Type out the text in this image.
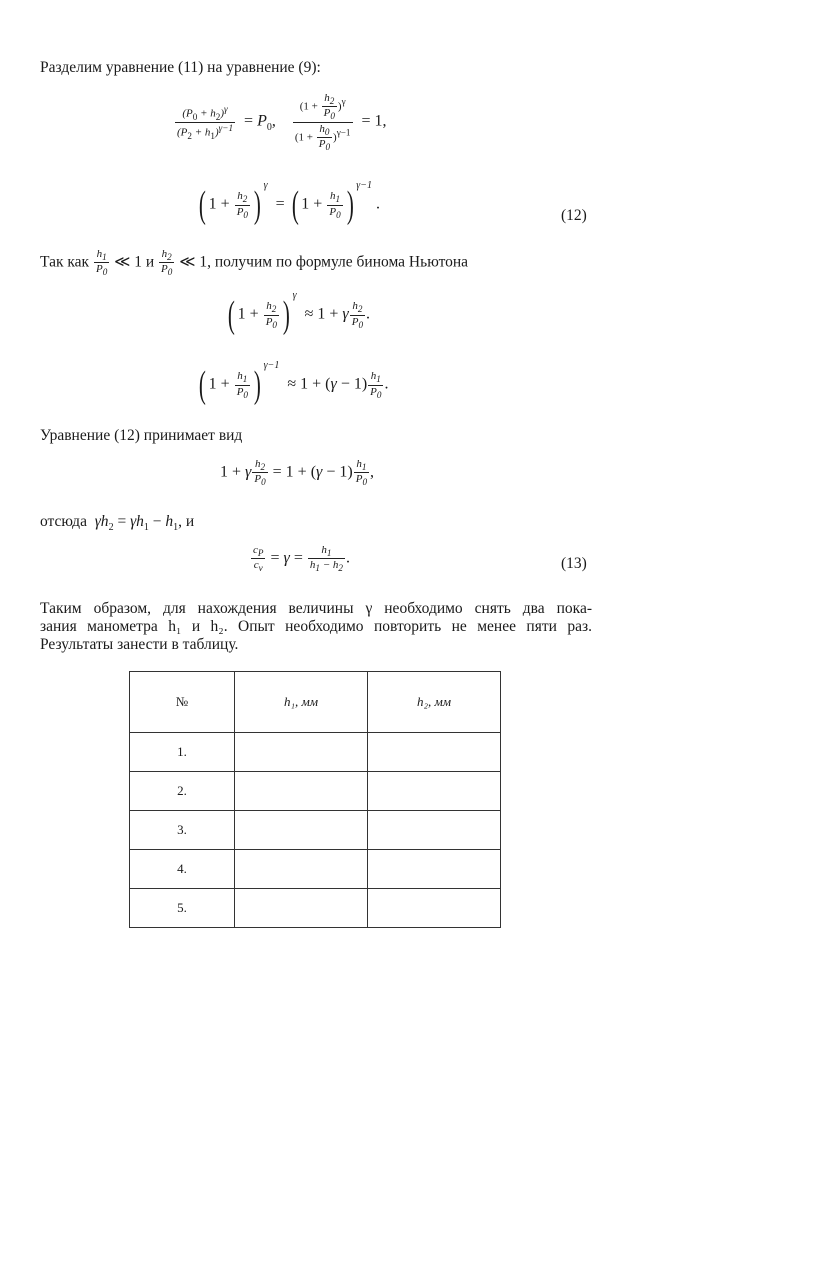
Разделим уравнение (11) на уравнение (9):
$\frac{(P_0 + h_2)^\gamma}{(P_2 + h_1)^{\gamma-1}} = P_0$, $\frac{(1 + \frac{h_2}{P_0} )^\gamma}{(1 + \frac{h_0}{P_0} )^{\gamma-1}} = 1$,
( $1 + \frac{h_2}{P_0}$ ) $^\gamma$  = ( $1 + \frac{h_1}{P_0}$ ) $^{\gamma-1}$ .
(12)
Так как $\frac{h_1}{P_0}$ ≪ 1 и $\frac{h_2}{P_0}$ ≪ 1, получим по формуле бинома Ньютона
( $1 + \frac{h_2}{P_0}$ ) $^\gamma$  ≈ 1 + γ $\frac{h_2}{P_0}$ .
( $1 + \frac{h_1}{P_0}$ ) $^{\gamma-1} \approx 1 + (\gamma - 1) \frac{h_1}{P_0}$ .
Уравнение (12) принимает вид
1 + γ $\frac{h_2}{P_0} = 1 + (\gamma - 1) \frac{h_1}{P_0}$ ,
отсюда $\gamma h_2 = \gamma h_1 - h_1$, и
$\frac{c_P}{c_v} = \gamma = \frac{h_1}{h_1 - h_2}$ .	(13)
Таким образом, для нахождения величины γ необходимо снять два пока-
зания манометра h₁ и h₂. Опыт необходимо повторить не менее пяти раз.
Результаты занести в таблицу.
№	h₁, мм	h₂, мм
1.		
2.		
3.		
4.		
5.		
